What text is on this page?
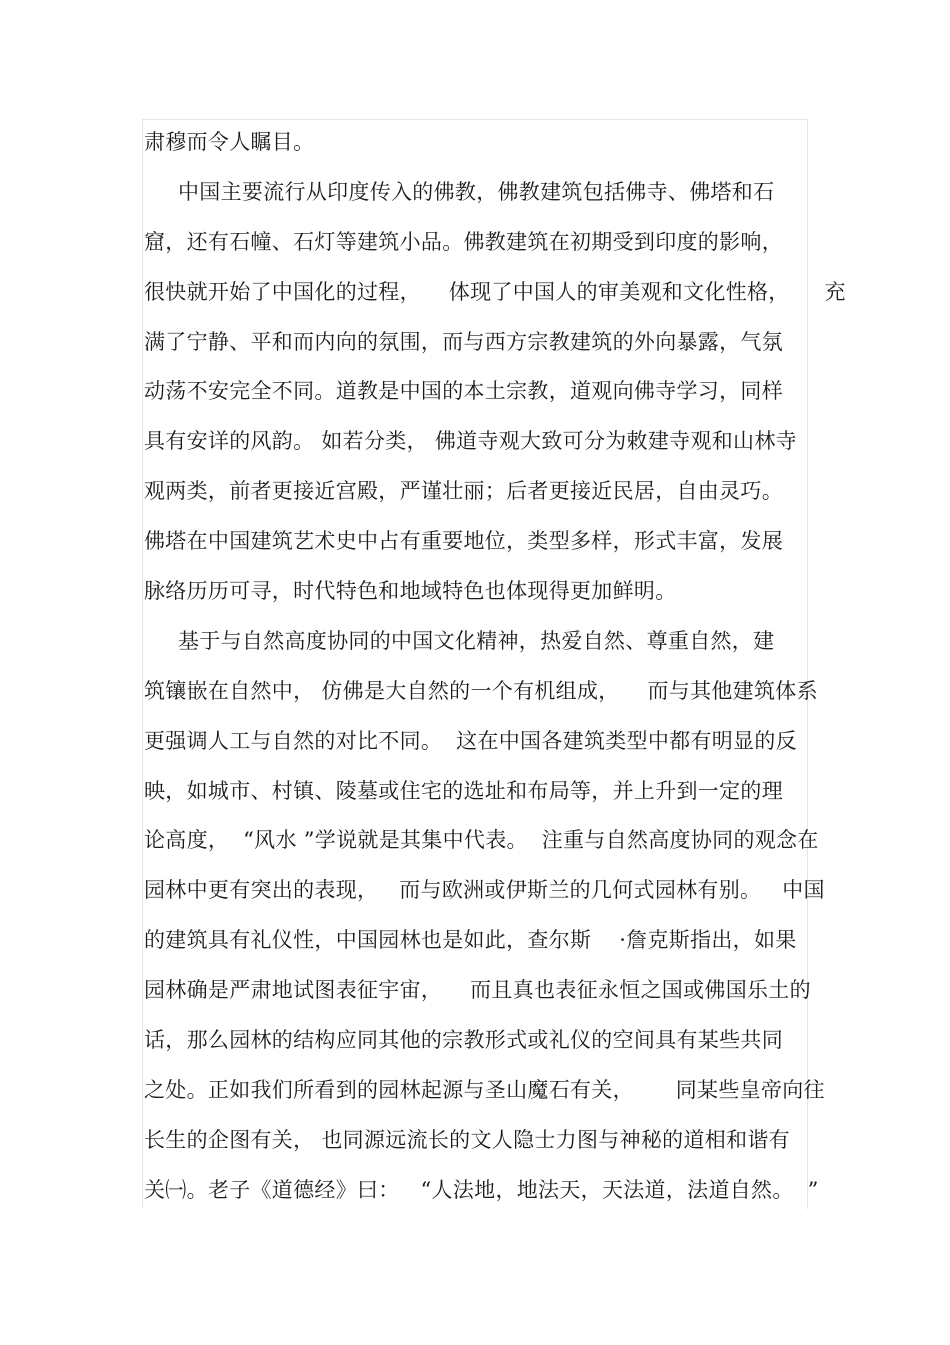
肃穆而令人瞩目。
中国主要流行从印度传入的佛教，佛教建筑包括佛寺、佛塔和石
窟，还有石幢、石灯等建筑小品。佛教建筑在初期受到印度的影响，
很快就开始了中国化的过程，    体现了中国人的审美观和文化性格，     充
满了宁静、平和而内向的氛围，而与西方宗教建筑的外向暴露，气氛
动荡不安完全不同。道教是中国的本土宗教，道观向佛寺学习，同样
具有安详的风韵。 如若分类， 佛道寺观大致可分为敕建寺观和山林寺
观两类，前者更接近宫殿，严谨壮丽；后者更接近民居，自由灵巧。
佛塔在中国建筑艺术史中占有重要地位，类型多样，形式丰富，发展
脉络历历可寻，时代特色和地域特色也体现得更加鲜明。
基于与自然高度协同的中国文化精神，热爱自然、尊重自然，建
筑镶嵌在自然中， 仿佛是大自然的一个有机组成，    而与其他建筑体系
更强调人工与自然的对比不同。  这在中国各建筑类型中都有明显的反
映，如城市、村镇、陵墓或住宅的选址和布局等，并上升到一定的理
论高度，  “风水 ”学说就是其集中代表。  注重与自然高度协同的观念在
园林中更有突出的表现，   而与欧洲或伊斯兰的几何式园林有别。   中国
的建筑具有礼仪性，中国园林也是如此，查尔斯    ·詹克斯指出，如果
园林确是严肃地试图表征宇宙，    而且真也表征永恒之国或佛国乐土的
话，那么园林的结构应同其他的宗教形式或礼仪的空间具有某些共同
之处。正如我们所看到的园林起源与圣山魔石有关，      同某些皇帝向往
长生的企图有关， 也同源远流长的文人隐士力图与神秘的道相和谐有
关㈠。老子《道德经》曰：   “人法地，地法天，天法道，法道自然。  ”
